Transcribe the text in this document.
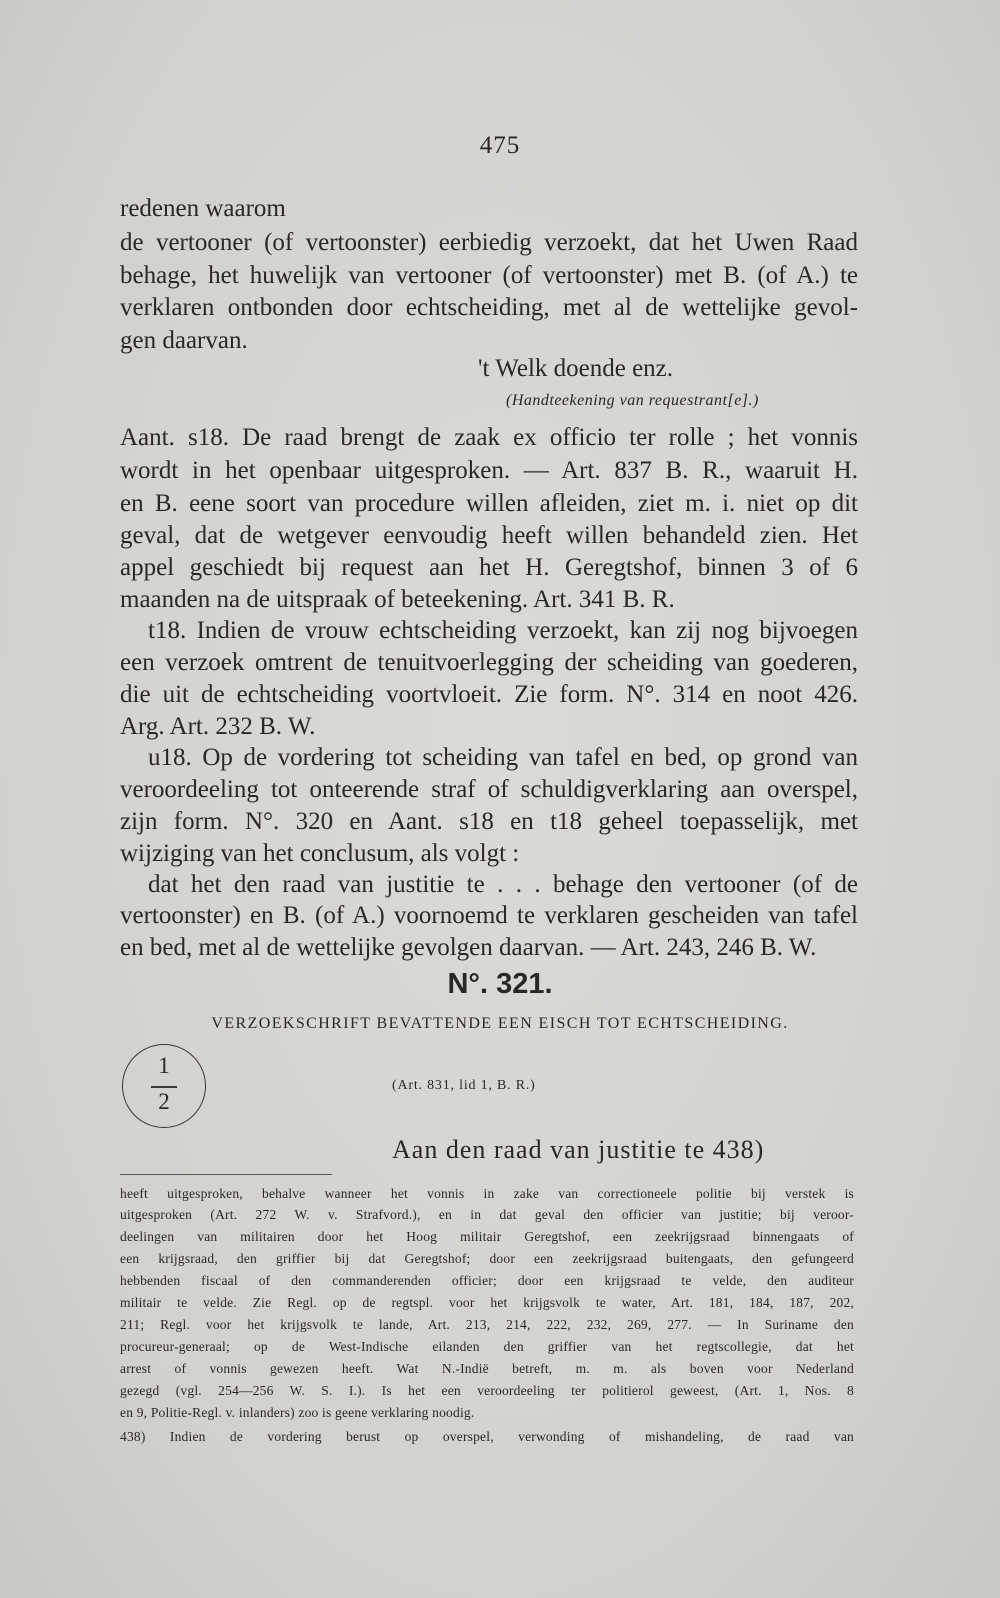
475
redenen waarom
de vertooner (of vertoonster) eerbiedig verzoekt, dat het Uwen Raad
behage, het huwelijk van vertooner (of vertoonster) met B. (of A.) te
verklaren ontbonden door echtscheiding, met al de wettelijke gevol-
gen daarvan.
't Welk doende enz.
(Handteekening van requestrant[e].)
Aant. s18. De raad brengt de zaak ex officio ter rolle ; het vonnis
wordt in het openbaar uitgesproken. — Art. 837 B. R., waaruit H.
en B. eene soort van procedure willen afleiden, ziet m. i. niet op dit
geval, dat de wetgever eenvoudig heeft willen behandeld zien. Het
appel geschiedt bij request aan het H. Geregtshof, binnen 3 of 6
maanden na de uitspraak of beteekening. Art. 341 B. R.
t18. Indien de vrouw echtscheiding verzoekt, kan zij nog bijvoegen
een verzoek omtrent de tenuitvoerlegging der scheiding van goederen,
die uit de echtscheiding voortvloeit. Zie form. N°. 314 en noot 426.
Arg. Art. 232 B. W.
u18. Op de vordering tot scheiding van tafel en bed, op grond van
veroordeeling tot onteerende straf of schuldigverklaring aan overspel,
zijn form. N°. 320 en Aant. s18 en t18 geheel toepasselijk, met
wijziging van het conclusum, als volgt :
dat het den raad van justitie te . . . behage den vertooner (of de
vertoonster) en B. (of A.) voornoemd te verklaren gescheiden van tafel
en bed, met al de wettelijke gevolgen daarvan. — Art. 243, 246 B. W.
N°. 321.
VERZOEKSCHRIFT BEVATTENDE EEN EISCH TOT ECHTSCHEIDING.
1
2
(Art. 831, lid 1, B. R.)
Aan den raad van justitie te 438)
heeft uitgesproken, behalve wanneer het vonnis in zake van correctioneele politie bij verstek is
uitgesproken (Art. 272 W. v. Strafvord.), en in dat geval den officier van justitie; bij veroor-
deelingen van militairen door het Hoog militair Geregtshof, een zeekrijgsraad binnengaats of
een krijgsraad, den griffier bij dat Geregtshof; door een zeekrijgsraad buitengaats, den gefungeerd
hebbenden fiscaal of den commanderenden officier; door een krijgsraad te velde, den auditeur
militair te velde. Zie Regl. op de regtspl. voor het krijgsvolk te water, Art. 181, 184, 187, 202,
211; Regl. voor het krijgsvolk te lande, Art. 213, 214, 222, 232, 269, 277. — In Suriname den
procureur-generaal; op de West-Indische eilanden den griffier van het regtscollegie, dat het
arrest of vonnis gewezen heeft. Wat N.-Indië betreft, m. m. als boven voor Nederland
gezegd (vgl. 254—256 W. S. I.). Is het een veroordeeling ter politierol geweest, (Art. 1, Nos. 8
en 9, Politie-Regl. v. inlanders) zoo is geene verklaring noodig.
438) Indien de vordering berust op overspel, verwonding of mishandeling, de raad van
